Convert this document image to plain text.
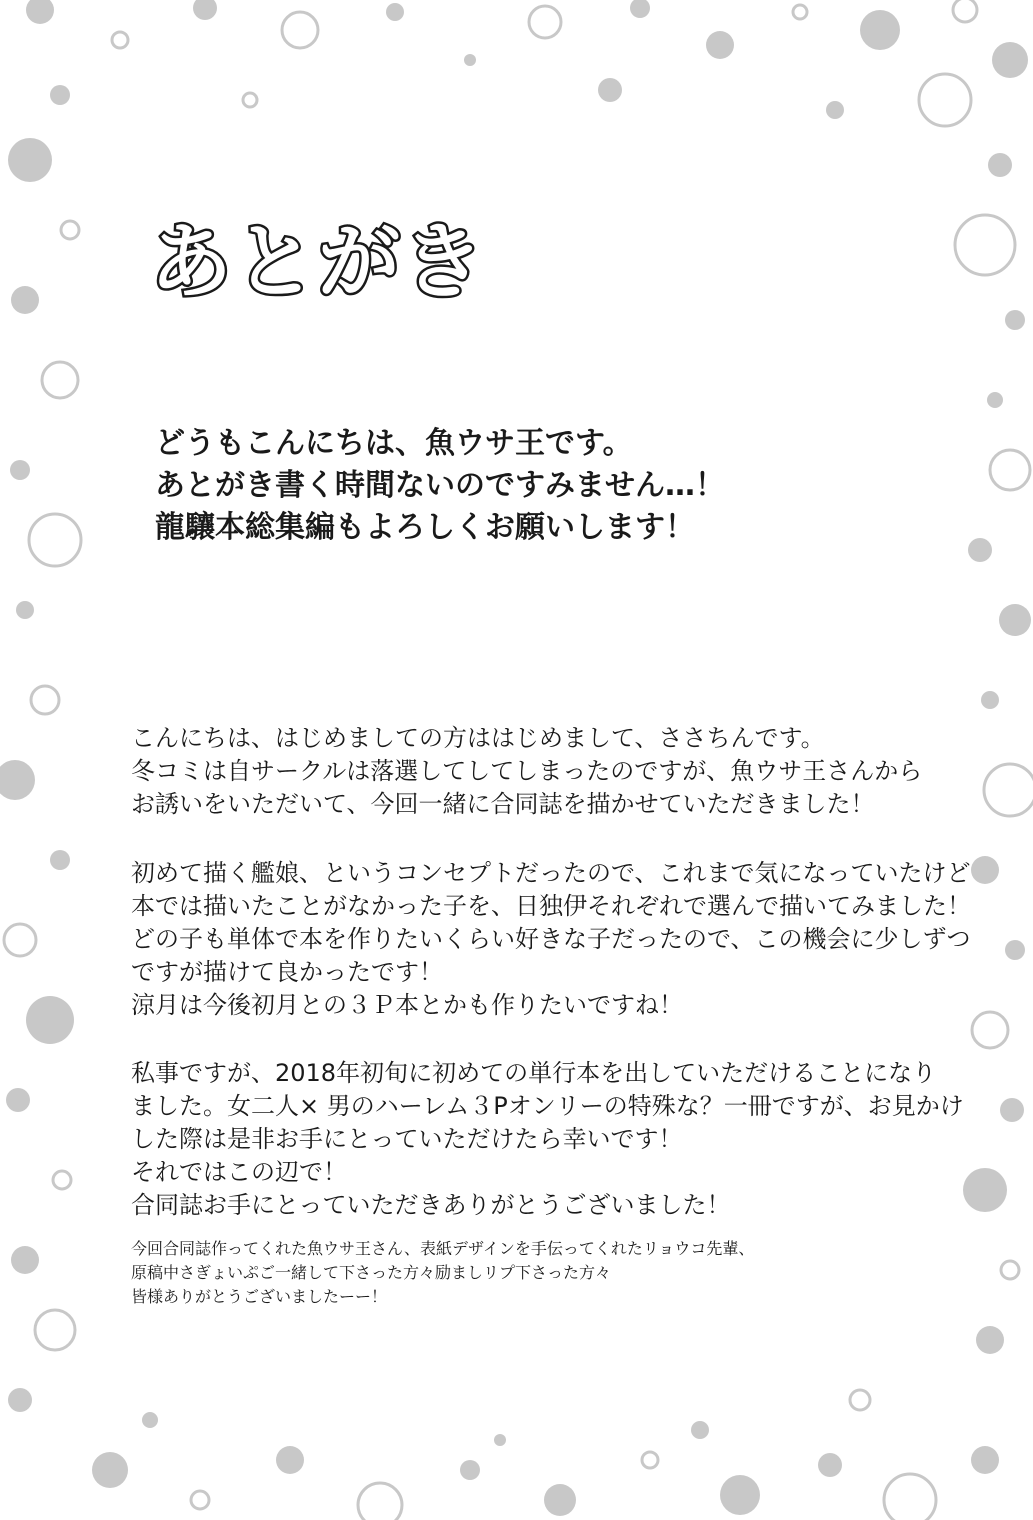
あとがき

どうもこんにちは、魚ウサ王です。

あとがき書く時間ないのですみません…！

龍驤本総集編もよろしくお願いします！

こんにちは、はじめましての方ははじめまして、ささちんです。

冬コミは自サークルは落選してしてしまったのですが、魚ウサ王さんから

お誘いをいただいて、今回一緒に合同誌を描かせていただきました！

初めて描く艦娘、というコンセプトだったので、これまで気になっていたけど

本では描いたことがなかった子を、日独伊それぞれで選んで描いてみました！

どの子も単体で本を作りたいくらい好きな子だったので、この機会に少しずつ

ですが描けて良かったです！

涼月は今後初月との３Ｐ本とかも作りたいですね！

私事ですが、2018年初旬に初めての単行本を出していただけることになり

ました。女二人× 男のハーレム３Pオンリーの特殊な？一冊ですが、お見かけ

した際は是非お手にとっていただけたら幸いです！

それではこの辺で！

合同誌お手にとっていただきありがとうございました！

今回合同誌作ってくれた魚ウサ王さん、表紙デザインを手伝ってくれたリョウコ先輩、

原稿中さぎょいぷご一緒して下さった方々励ましリプ下さった方々

皆様ありがとうございましたーー！
